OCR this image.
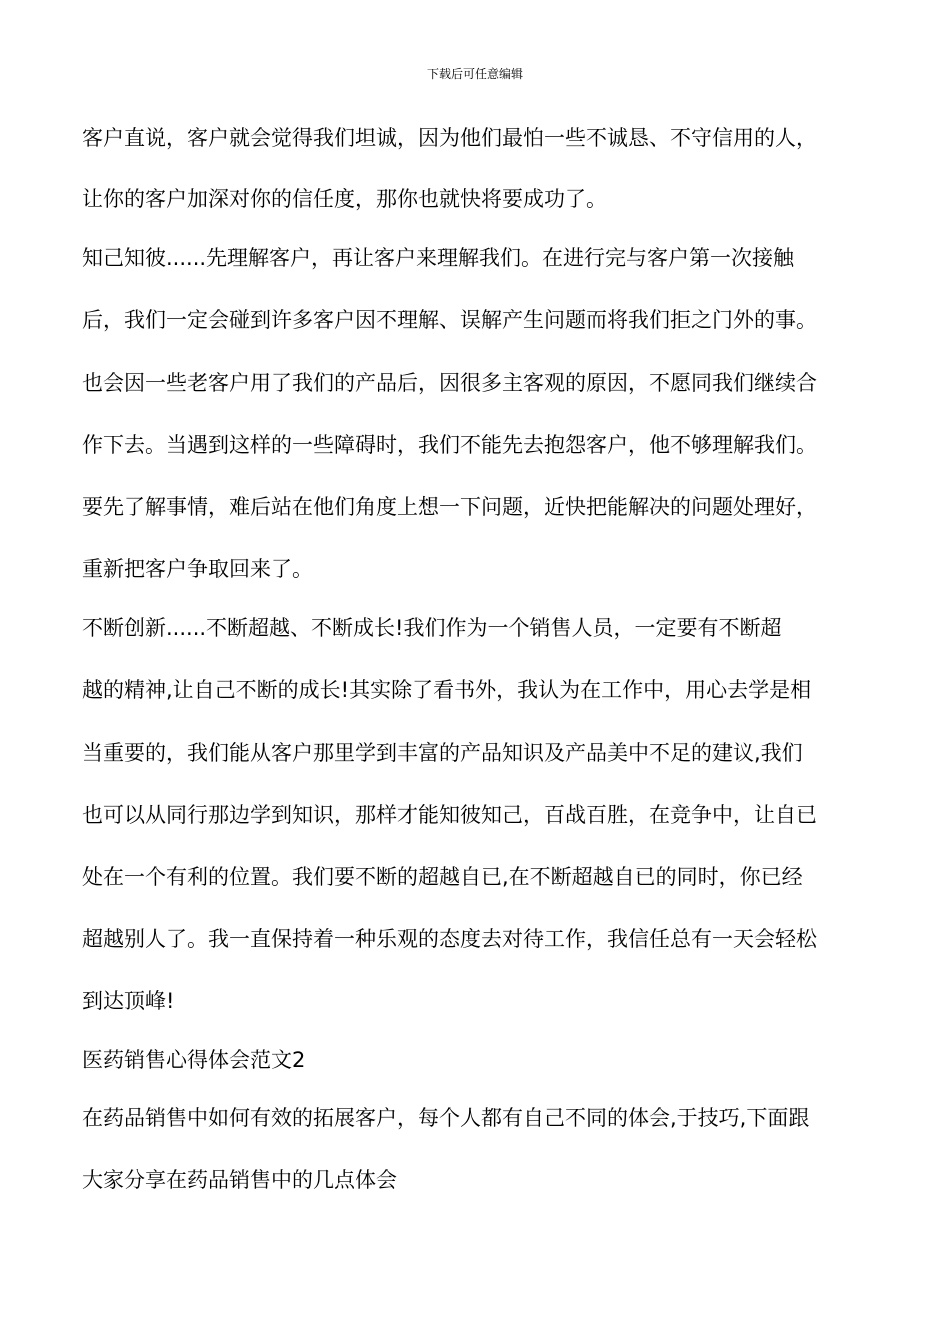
下载后可任意编辑
客户直说，客户就会觉得我们坦诚，因为他们最怕一些不诚恳、不守信用的人，
让你的客户加深对你的信任度，那你也就快将要成功了。
知己知彼......先理解客户，再让客户来理解我们。在进行完与客户第一次接触
后，我们一定会碰到许多客户因不理解、误解产生问题而将我们拒之门外的事。
也会因一些老客户用了我们的产品后，因很多主客观的原因，不愿同我们继续合
作下去。当遇到这样的一些障碍时，我们不能先去抱怨客户，他不够理解我们。
要先了解事情，难后站在他们角度上想一下问题，近快把能解决的问题处理好，
重新把客户争取回来了。
不断创新......不断超越、不断成长!我们作为一个销售人员，一定要有不断超
越的精神,让自己不断的成长!其实除了看书外，我认为在工作中，用心去学是相
当重要的，我们能从客户那里学到丰富的产品知识及产品美中不足的建议,我们
也可以从同行那边学到知识，那样才能知彼知己，百战百胜，在竞争中，让自已
处在一个有利的位置。我们要不断的超越自已,在不断超越自已的同时，你已经
超越别人了。我一直保持着一种乐观的态度去对待工作，我信任总有一天会轻松
到达顶峰!
医药销售心得体会范文2
在药品销售中如何有效的拓展客户，每个人都有自己不同的体会,于技巧,下面跟
大家分享在药品销售中的几点体会
